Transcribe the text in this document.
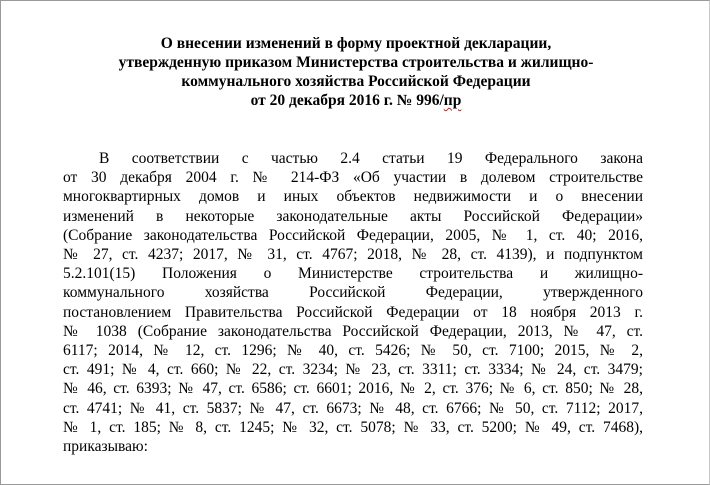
О внесении изменений в форму проектной декларации,
утвержденную приказом Министерства строительства и жилищно-
коммунального хозяйства Российской Федерации
от 20 декабря 2016 г. № 996/пр
В соответствии с частью 2.4 статьи 19 Федерального закона
от 30 декабря 2004 г. № 214-ФЗ «Об участии в долевом строительстве
многоквартирных домов и иных объектов недвижимости и о внесении
изменений в некоторые законодательные акты Российской Федерации»
(Собрание законодательства Российской Федерации, 2005, № 1, ст. 40; 2016,
№ 27, ст. 4237; 2017, № 31, ст. 4767; 2018, № 28, ст. 4139), и подпунктом
5.2.101(15) Положения о Министерстве строительства и жилищно-
коммунального хозяйства Российской Федерации, утвержденного
постановлением Правительства Российской Федерации от 18 ноября 2013 г.
№ 1038 (Собрание законодательства Российской Федерации, 2013, № 47, ст.
6117; 2014, № 12, ст. 1296; № 40, ст. 5426; № 50, ст. 7100; 2015, № 2,
ст. 491; № 4, ст. 660; № 22, ст. 3234; № 23, ст. 3311; ст. 3334; № 24, ст. 3479;
№ 46, ст. 6393; № 47, ст. 6586; ст. 6601; 2016, № 2, ст. 376; № 6, ст. 850; № 28,
ст. 4741; № 41, ст. 5837; № 47, ст. 6673; № 48, ст. 6766; № 50, ст. 7112; 2017,
№ 1, ст. 185; № 8, ст. 1245; № 32, ст. 5078; № 33, ст. 5200; № 49, ст. 7468),
приказываю:
